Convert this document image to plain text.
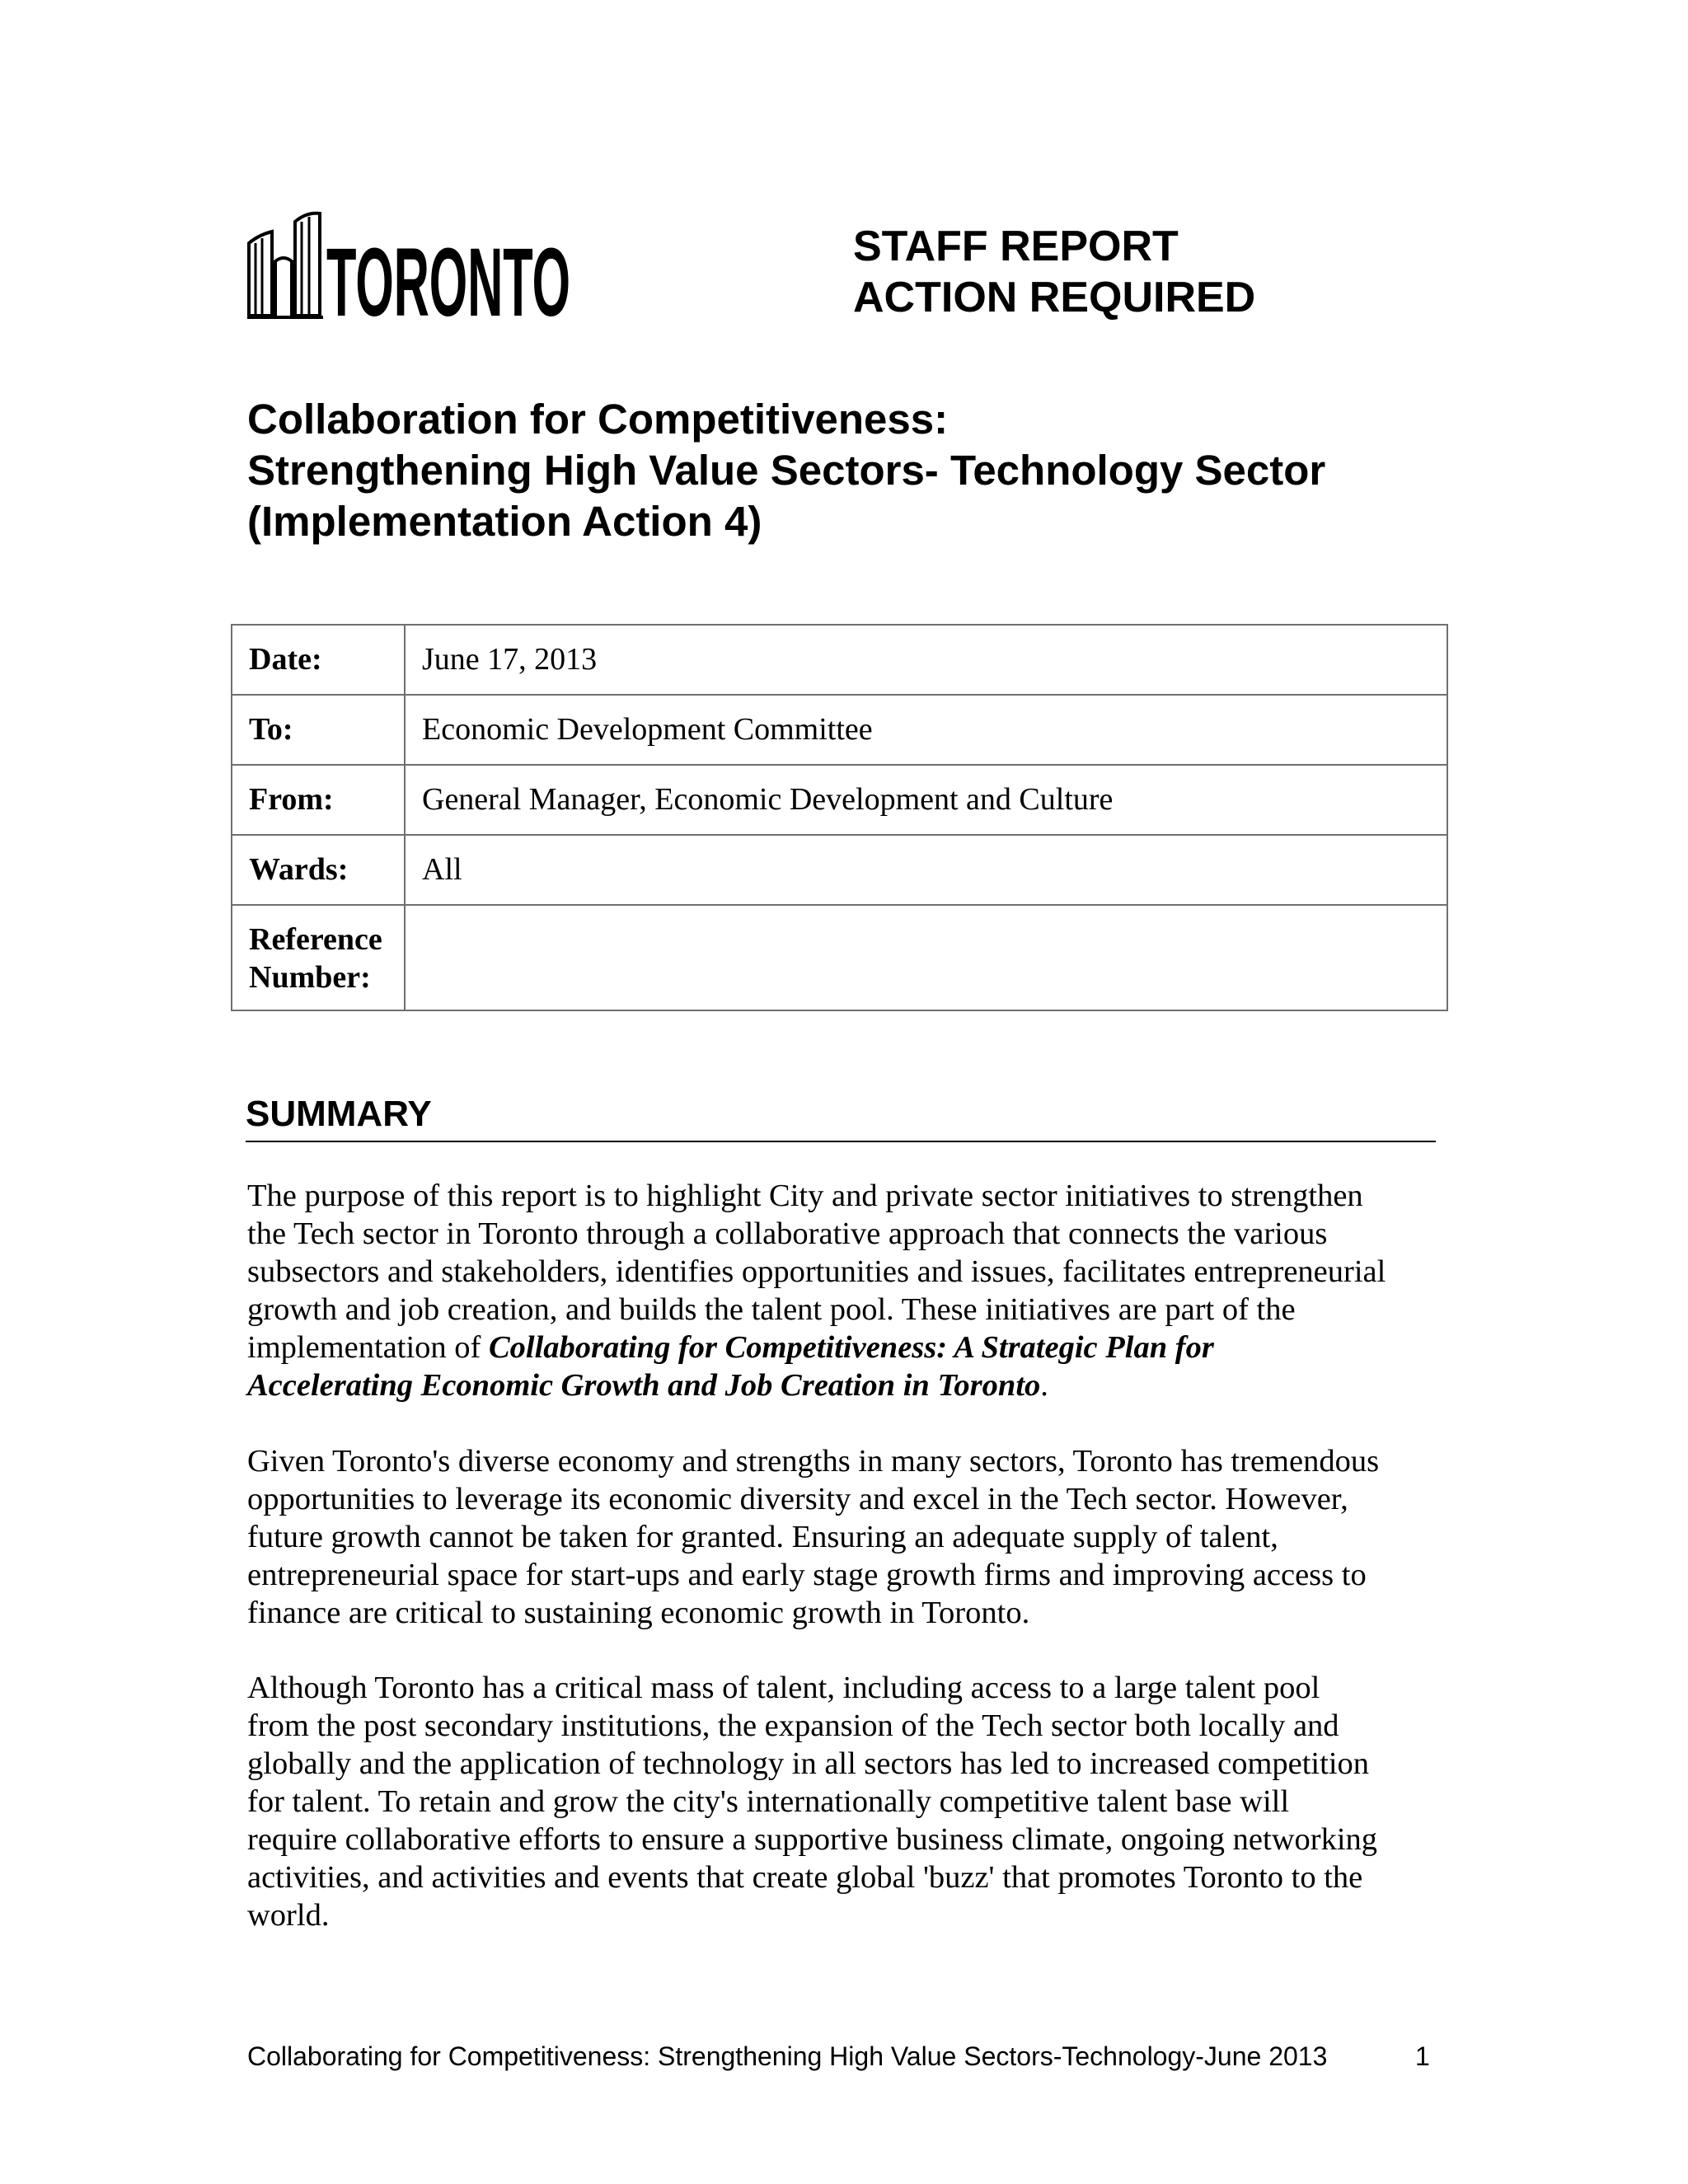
TORONTO	STAFF REPORT
ACTION REQUIRED
Collaboration for Competitiveness:
Strengthening High Value Sectors- Technology Sector
(Implementation Action 4)
Date:	June 17, 2013
To:	Economic Development Committee
From:	General Manager, Economic Development and Culture
Wards:	All

Reference
Number:	

SUMMARY
The purpose of this report is to highlight City and private sector initiatives to strengthen
the Tech sector in Toronto through a collaborative approach that connects the various
subsectors and stakeholders, identifies opportunities and issues, facilitates entrepreneurial
growth and job creation, and builds the talent pool. These initiatives are part of the
implementation of Collaborating for Competitiveness: A Strategic Plan for
Accelerating Economic Growth and Job Creation in Toronto.
Given Toronto's diverse economy and strengths in many sectors, Toronto has tremendous
opportunities to leverage its economic diversity and excel in the Tech sector. However,
future growth cannot be taken for granted. Ensuring an adequate supply of talent,
entrepreneurial space for start-ups and early stage growth firms and improving access to
finance are critical to sustaining economic growth in Toronto.
Although Toronto has a critical mass of talent, including access to a large talent pool
from the post secondary institutions, the expansion of the Tech sector both locally and
globally and the application of technology in all sectors has led to increased competition
for talent. To retain and grow the city's internationally competitive talent base will
require collaborative efforts to ensure a supportive business climate, ongoing networking
activities, and activities and events that create global 'buzz' that promotes Toronto to the
world.
Collaborating for Competitiveness: Strengthening High Value Sectors-Technology-June 2013	1
